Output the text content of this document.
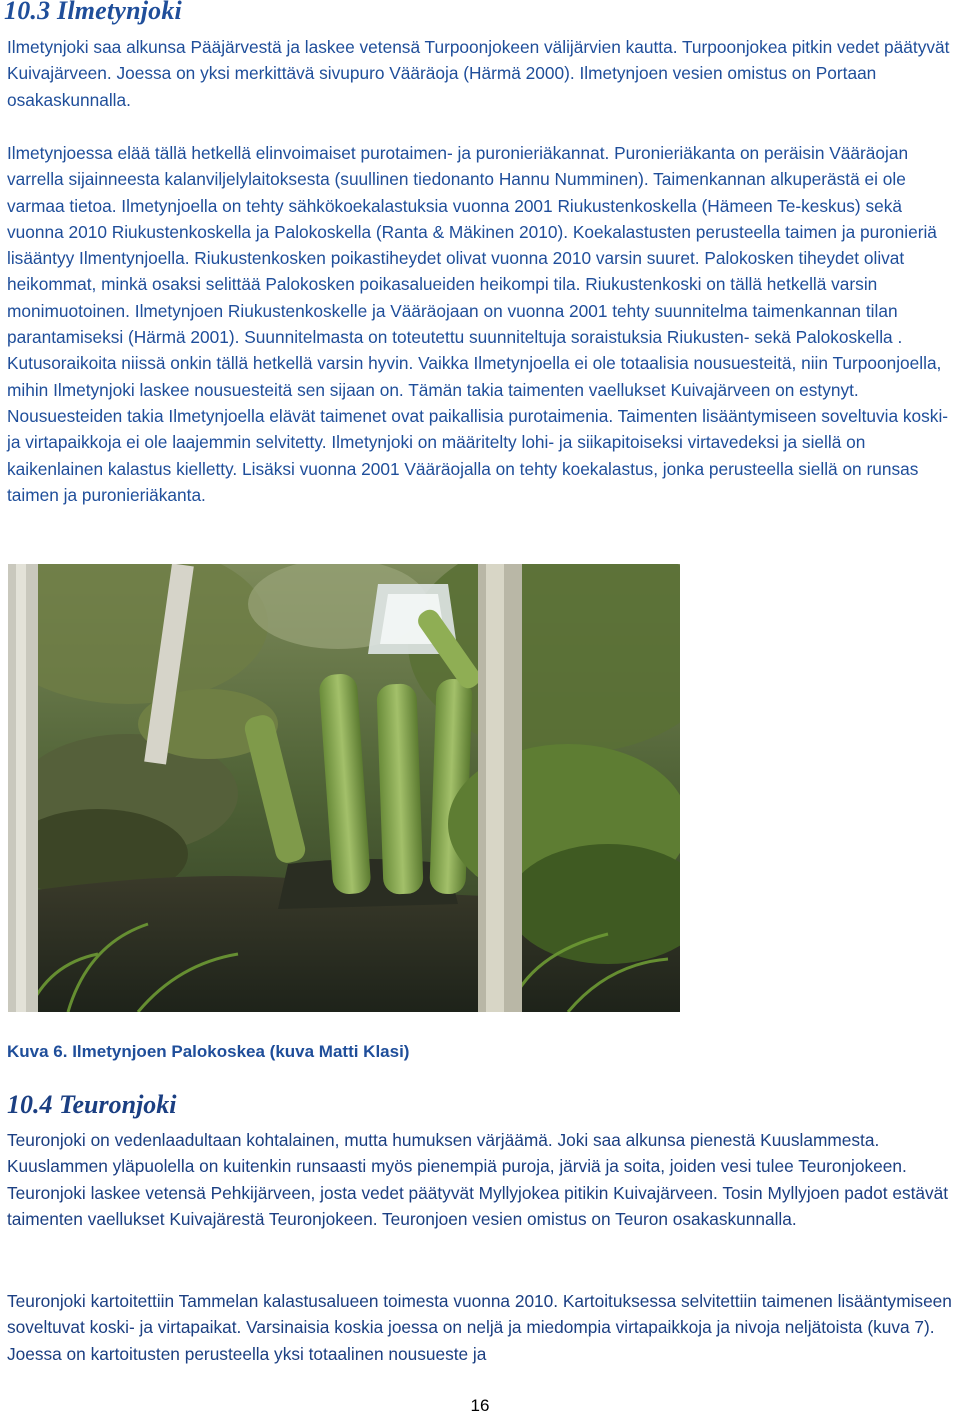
10.3 Ilmetynjoki

Ilmetynjoki saa alkunsa Pääjärvestä ja laskee vetensä Turpoonjokeen välijärvien kautta. Turpoonjokea pitkin vedet päätyvät Kuivajärveen. Joessa on yksi merkittävä sivupuro Vääräoja (Härmä 2000). Ilmetynjoen vesien omistus on Portaan osakaskunnalla.

Ilmetynjoessa elää tällä hetkellä elinvoimaiset purotaimen- ja puronieriäkannat. Puronieriäkanta on peräisin Vääräojan varrella sijainneesta kalanviljelylaitoksesta (suullinen tiedonanto Hannu Numminen). Taimenkannan alkuperästä ei ole varmaa tietoa. Ilmetynjoella on tehty sähkökoekalastuksia vuonna 2001 Riukustenkoskella (Hämeen Te-keskus) sekä vuonna 2010 Riukustenkoskella ja Palokoskella (Ranta & Mäkinen 2010). Koekalastusten perusteella taimen ja puronieriä lisääntyy Ilmentynjoella. Riukustenkosken poikastiheydet olivat vuonna 2010 varsin suuret. Palokosken tiheydet olivat heikommat, minkä osaksi selittää Palokosken poikasalueiden heikompi tila. Riukustenkoski on tällä hetkellä varsin monimuotoinen. Ilmetynjoen Riukustenkoskelle ja Vääräojaan on vuonna 2001 tehty suunnitelma taimenkannan tilan parantamiseksi (Härmä 2001). Suunnitelmasta on toteutettu suunniteltuja soraistuksia Riukusten- sekä Palokoskella . Kutusoraikoita niissä onkin tällä hetkellä varsin hyvin. Vaikka Ilmetynjoella ei ole totaalisia nousuesteitä, niin Turpoonjoella, mihin Ilmetynjoki laskee nousuesteitä sen sijaan on. Tämän takia taimenten vaellukset Kuivajärveen on estynyt. Nousuesteiden takia Ilmetynjoella elävät taimenet ovat paikallisia purotaimenia. Taimenten lisääntymiseen soveltuvia koski- ja virtapaikkoja ei ole laajemmin selvitetty. Ilmetynjoki on määritelty lohi- ja siikapitoiseksi virtavedeksi ja siellä on kaikenlainen kalastus kielletty. Lisäksi vuonna 2001 Vääräojalla on tehty koekalastus, jonka perusteella siellä on runsas taimen ja puronieriäkanta.

Kuva 6. Ilmetynjoen Palokoskea (kuva Matti Klasi)
10.4 Teuronjoki

Teuronjoki on vedenlaadultaan kohtalainen, mutta humuksen värjäämä. Joki saa alkunsa pienestä Kuuslammesta. Kuuslammen yläpuolella on kuitenkin runsaasti myös pienempiä puroja, järviä ja soita, joiden vesi tulee Teuronjokeen. Teuronjoki laskee vetensä Pehkijärveen, josta vedet päätyvät Myllyjokea pitikin Kuivajärveen. Tosin Myllyjoen padot estävät taimenten vaellukset Kuivajärestä Teuronjokeen. Teuronjoen vesien omistus on Teuron osakaskunnalla.

Teuronjoki kartoitettiin Tammelan kalastusalueen toimesta vuonna 2010. Kartoituksessa selvitettiin taimenen lisääntymiseen soveltuvat koski- ja virtapaikat. Varsinaisia koskia joessa on neljä ja miedompia virtapaikkoja ja nivoja neljätoista (kuva 7). Joessa on kartoitusten perusteella yksi totaalinen nousueste ja

16
